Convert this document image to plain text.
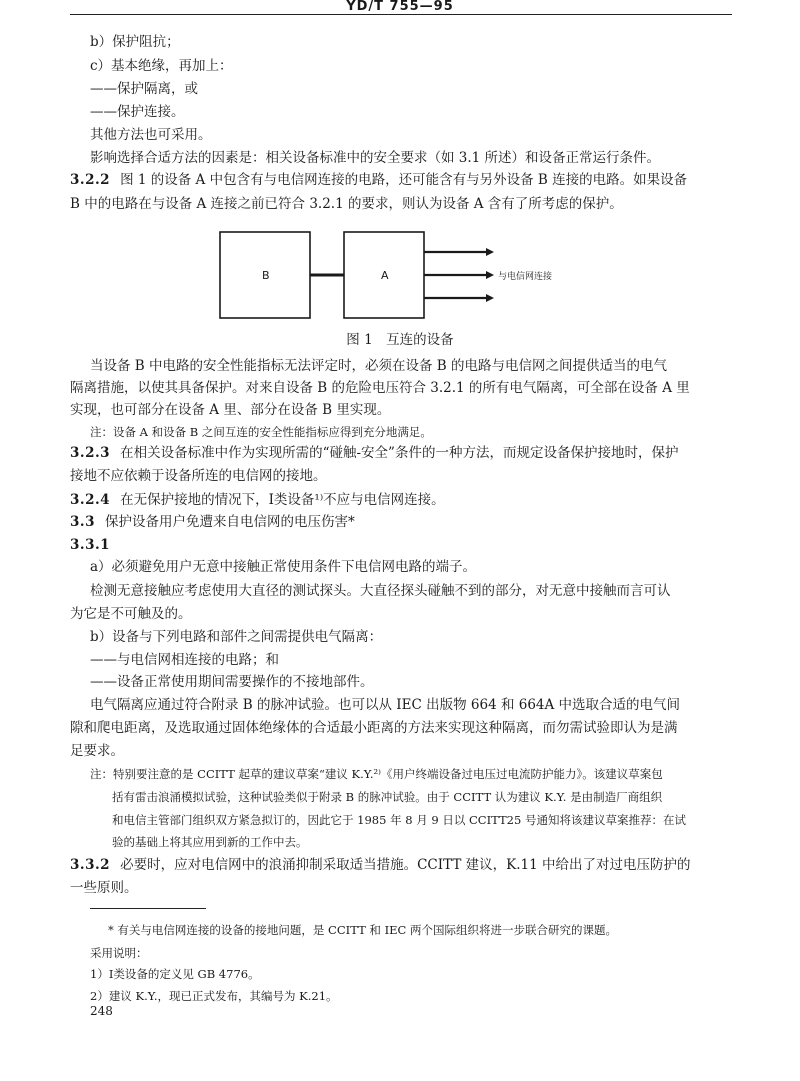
YD/T 755—95
b）保护阻抗；
c）基本绝缘，再加上：
——保护隔离，或
——保护连接。
其他方法也可采用。
影响选择合适方法的因素是：相关设备标准中的安全要求（如 3.1 所述）和设备正常运行条件。
3.2.2 图 1 的设备 A 中包含有与电信网连接的电路，还可能含有与另外设备 B 连接的电路。如果设备
B 中的电路在与设备 A 连接之前已符合 3.2.1 的要求，则认为设备 A 含有了所考虑的保护。
B	A	与电信网连接
图 1　互连的设备
当设备 B 中电路的安全性能指标无法评定时，必须在设备 B 的电路与电信网之间提供适当的电气
隔离措施，以使其具备保护。对来自设备 B 的危险电压符合 3.2.1 的所有电气隔离，可全部在设备 A 里
实现，也可部分在设备 A 里、部分在设备 B 里实现。
注：设备 A 和设备 B 之间互连的安全性能指标应得到充分地满足。
3.2.3 在相关设备标准中作为实现所需的“碰触-安全”条件的一种方法，而规定设备保护接地时，保护
接地不应依赖于设备所连的电信网的接地。
3.2.4 在无保护接地的情况下，Ⅰ类设备¹⁾不应与电信网连接。
3.3 保护设备用户免遭来自电信网的电压伤害*
3.3.1
a）必须避免用户无意中接触正常使用条件下电信网电路的端子。
检测无意接触应考虑使用大直径的测试探头。大直径探头碰触不到的部分，对无意中接触而言可认
为它是不可触及的。
b）设备与下列电路和部件之间需提供电气隔离：
——与电信网相连接的电路；和
——设备正常使用期间需要操作的不接地部件。
电气隔离应通过符合附录 B 的脉冲试验。也可以从 IEC 出版物 664 和 664A 中选取合适的电气间
隙和爬电距离，及选取通过固体绝缘体的合适最小距离的方法来实现这种隔离，而勿需试验即认为是满
足要求。
注：特别要注意的是 CCITT 起草的建议草案“建议 K.Y.²⁾《用户终端设备过电压过电流防护能力》。该建议草案包
括有雷击浪涌模拟试验，这种试验类似于附录 B 的脉冲试验。由于 CCITT 认为建议 K.Y. 是由制造厂商组织
和电信主管部门组织双方紧急拟订的，因此它于 1985 年 8 月 9 日以 CCITT25 号通知将该建议草案推荐：在试
验的基础上将其应用到新的工作中去。
3.3.2 必要时，应对电信网中的浪涌抑制采取适当措施。CCITT 建议，K.11 中给出了对过电压防护的
一些原则。
* 有关与电信网连接的设备的接地问题，是 CCITT 和 IEC 两个国际组织将进一步联合研究的课题。
采用说明：
1）Ⅰ类设备的定义见 GB 4776。
2）建议 K.Y.，现已正式发布，其编号为 K.21。
248
